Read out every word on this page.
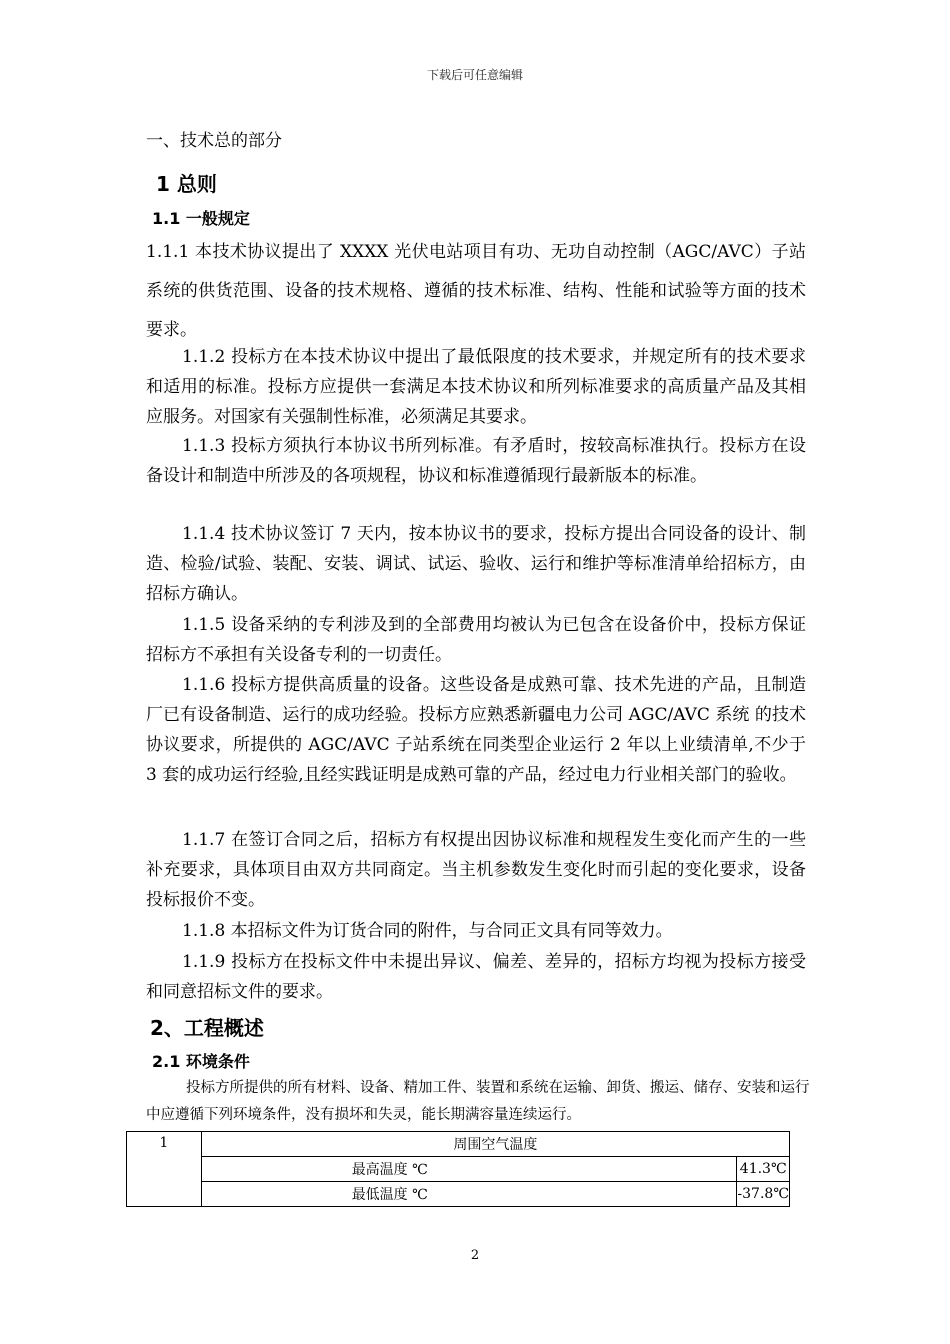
下载后可任意编辑
一、技术总的部分
1 总则
1.1 一般规定

1.1.1 本技术协议提出了 XXXX 光伏电站项目有功、无功自动控制（AGC/AVC）子站系统的供货范围、设备的技术规格、遵循的技术标准、结构、性能和试验等方面的技术要求。

1.1.2 投标方在本技术协议中提出了最低限度的技术要求，并规定所有的技术要求和适用的标准。投标方应提供一套满足本技术协议和所列标准要求的高质量产品及其相应服务。对国家有关强制性标准，必须满足其要求。

1.1.3 投标方须执行本协议书所列标准。有矛盾时，按较高标准执行。投标方在设备设计和制造中所涉及的各项规程，协议和标准遵循现行最新版本的标准。

1.1.4 技术协议签订 7 天内，按本协议书的要求，投标方提出合同设备的设计、制造、检验/试验、装配、安装、调试、试运、验收、运行和维护等标准清单给招标方，由招标方确认。

1.1.5 设备采纳的专利涉及到的全部费用均被认为已包含在设备价中，投标方保证招标方不承担有关设备专利的一切责任。

1.1.6 投标方提供高质量的设备。这些设备是成熟可靠、技术先进的产品，且制造厂已有设备制造、运行的成功经验。投标方应熟悉新疆电力公司 AGC/AVC 系统 的技术协议要求，所提供的 AGC/AVC 子站系统在同类型企业运行 2 年以上业绩清单,不少于 3 套的成功运行经验,且经实践证明是成熟可靠的产品，经过电力行业相关部门的验收。

1.1.7 在签订合同之后，招标方有权提出因协议标准和规程发生变化而产生的一些补充要求，具体项目由双方共同商定。当主机参数发生变化时而引起的变化要求，设备投标报价不变。

1.1.8 本招标文件为订货合同的附件，与合同正文具有同等效力。

1.1.9 投标方在投标文件中未提出异议、偏差、差异的，招标方均视为投标方接受和同意招标文件的要求。

2、工程概述
2.1 环境条件
投标方所提供的所有材料、设备、精加工件、装置和系统在运输、卸货、搬运、储存、安装和运行中应遵循下列环境条件，没有损坏和失灵，能长期满容量连续运行。
1	周围空气温度	
	最高温度 ℃	41.3℃
	最低温度 ℃	-37.8℃
2
